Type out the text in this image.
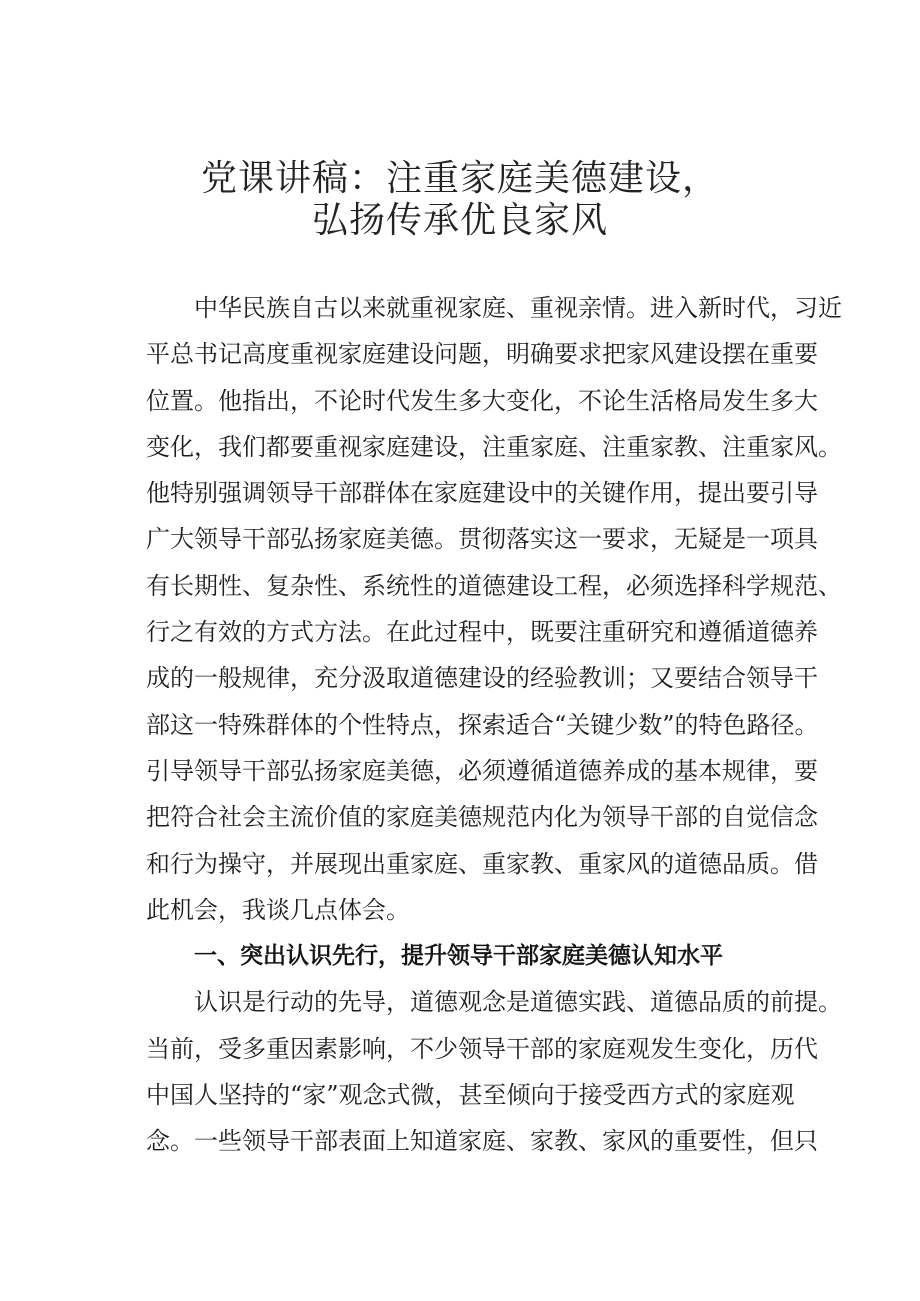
党课讲稿：注重家庭美德建设，
弘扬传承优良家风
中华民族自古以来就重视家庭、重视亲情。进入新时代，习近
平总书记高度重视家庭建设问题，明确要求把家风建设摆在重要
位置。他指出，不论时代发生多大变化，不论生活格局发生多大
变化，我们都要重视家庭建设，注重家庭、注重家教、注重家风。
他特别强调领导干部群体在家庭建设中的关键作用，提出要引导
广大领导干部弘扬家庭美德。贯彻落实这一要求，无疑是一项具
有长期性、复杂性、系统性的道德建设工程，必须选择科学规范、
行之有效的方式方法。在此过程中，既要注重研究和遵循道德养
成的一般规律，充分汲取道德建设的经验教训；又要结合领导干
部这一特殊群体的个性特点，探索适合“关键少数”的特色路径。
引导领导干部弘扬家庭美德，必须遵循道德养成的基本规律，要
把符合社会主流价值的家庭美德规范内化为领导干部的自觉信念
和行为操守，并展现出重家庭、重家教、重家风的道德品质。借
此机会，我谈几点体会。
一、突出认识先行，提升领导干部家庭美德认知水平
认识是行动的先导，道德观念是道德实践、道德品质的前提。
当前，受多重因素影响，不少领导干部的家庭观发生变化，历代
中国人坚持的“家”观念式微，甚至倾向于接受西方式的家庭观
念。一些领导干部表面上知道家庭、家教、家风的重要性，但只
